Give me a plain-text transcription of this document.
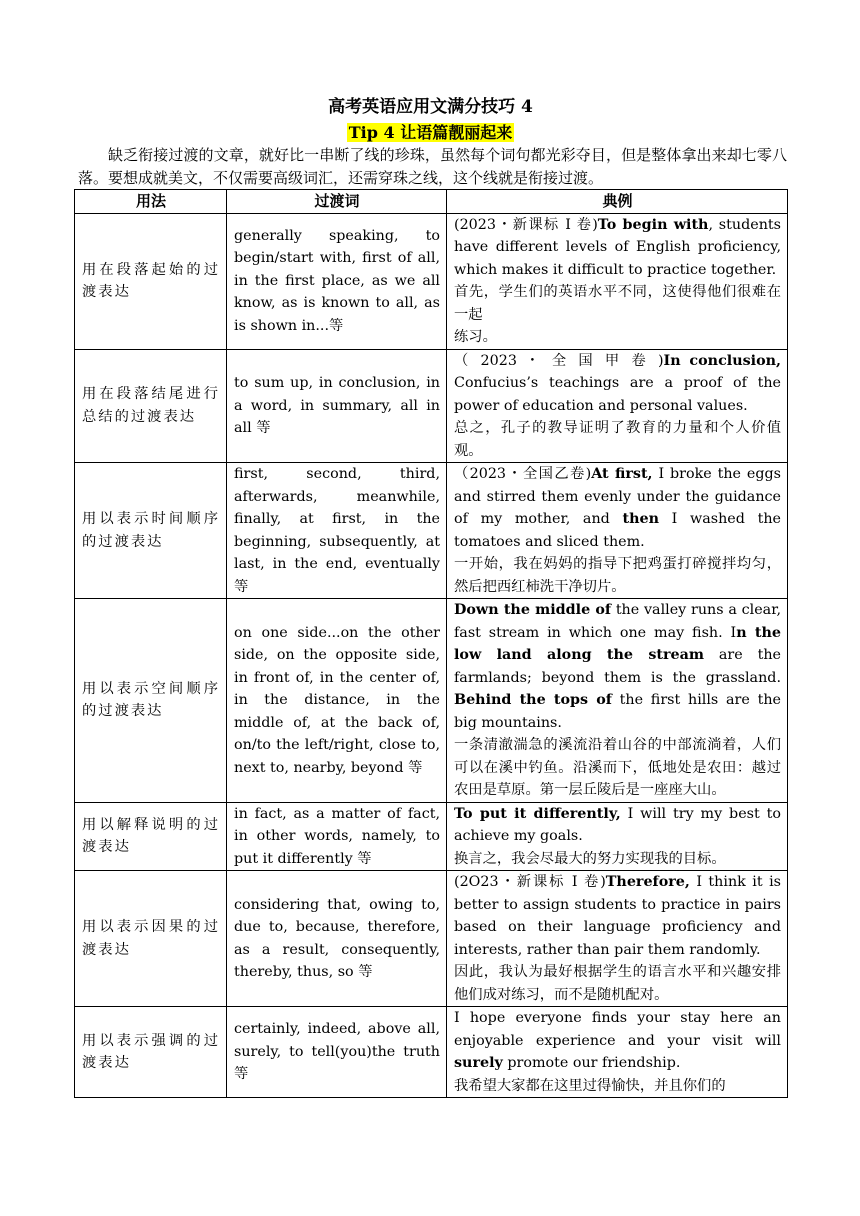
高考英语应用文满分技巧 4

Tip 4 让语篇靓丽起来

缺乏衔接过渡的文章，就好比一串断了线的珍珠，虽然每个词句都光彩夺目，但是整体拿出来却七零八落。要想成就美文，不仅需要高级词汇，还需穿珠之线，这个线就是衔接过渡。

用法	过渡词	典例
用在段落起始的过渡表达	generally speaking, to begin/start with, first of all, in the first place, as we all know, as is known to all, as is shown in...等	(2023・新课标 I 卷)To begin with, students have different levels of English proficiency, which makes it difficult to practice together.
首先，学生们的英语水平不同，这使得他们很难在一起
练习。

用在段落结尾进行总结的过渡表达	to sum up, in conclusion, in a word, in summary, all in all 等	（ 2023 ・ 全 国 甲 卷 )In conclusion, Confucius’s teachings are a proof of the power of education and personal values.
总之，孔子的教导证明了教育的力量和个人价值观。

用以表示时间顺序的过渡表达	first, second, third, afterwards, meanwhile, finally, at first, in the beginning, subsequently, at last, in the end, eventually 等	（2023・全国乙卷)At first, I broke the eggs and stirred them evenly under the guidance of my mother, and then I washed the tomatoes and sliced them.
一开始，我在妈妈的指导下把鸡蛋打碎搅拌均匀，然后把西红柿洗干净切片。

用以表示空间顺序的过渡表达	on one side...on the other side, on the opposite side, in front of, in the center of, in the distance, in the middle of, at the back of, on/to the left/right, close to, next to, nearby, beyond 等	Down the middle of the valley runs a clear, fast stream in which one may fish. In the low land along the stream are the farmlands; beyond them is the grassland. Behind the tops of the first hills are the big mountains.
一条清澈湍急的溪流沿着山谷的中部流淌着，人们可以在溪中钓鱼。沿溪而下，低地处是农田：越过农田是草原。第一层丘陵后是一座座大山。

用以解释说明的过渡表达	in fact, as a matter of fact, in other words, namely, to put it differently 等	To put it differently, I will try my best to achieve my goals.
换言之，我会尽最大的努力实现我的目标。

用以表示因果的过渡表达	considering that, owing to, due to, because, therefore, as a result, consequently, thereby, thus, so 等	(2O23・新课标 I 卷)Therefore, I think it is better to assign students to practice in pairs based on their language proficiency and interests, rather than pair them randomly.
因此，我认为最好根据学生的语言水平和兴趣安排他们成对练习，而不是随机配对。

用以表示强调的过渡表达	certainly, indeed, above all, surely, to tell(you)the truth 等	I hope everyone finds your stay here an enjoyable experience and your visit will surely promote our friendship.
我希望大家都在这里过得愉快，并且你们的
